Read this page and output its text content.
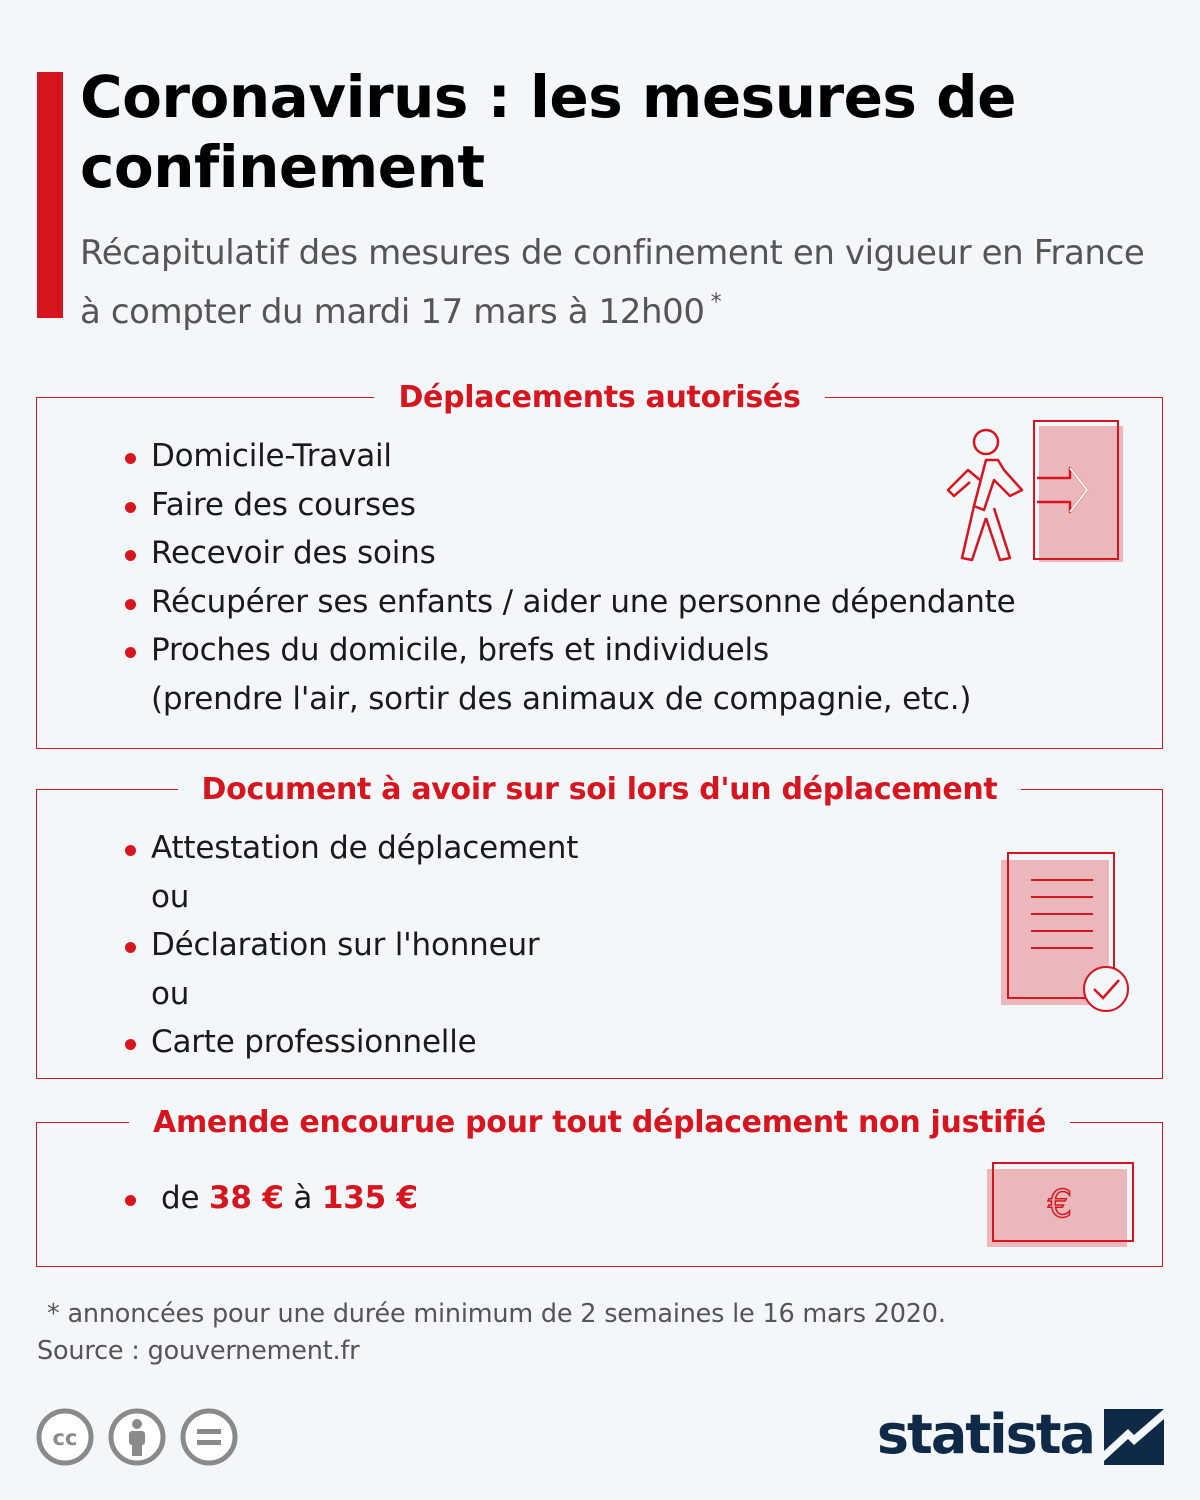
Coronavirus : les mesures de confinement

Récapitulatif des mesures de confinement en vigueur en France à compter du mardi 17 mars à 12h00 *

Déplacements autorisés
Domicile-Travail
Faire des courses
Recevoir des soins
Récupérer ses enfants / aider une personne dépendante
Proches du domicile, brefs et individuels
(prendre l'air, sortir des animaux de compagnie, etc.)
Document à avoir sur soi lors d'un déplacement
Attestation de déplacement
ou
Déclaration sur l'honneur
ou
Carte professionnelle
Amende encourue pour tout déplacement non justifié
de 38 € à 135 €	€

* annoncées pour une durée minimum de 2 semaines le 16 mars 2020.
Source : gouvernement.fr

cc	statista
